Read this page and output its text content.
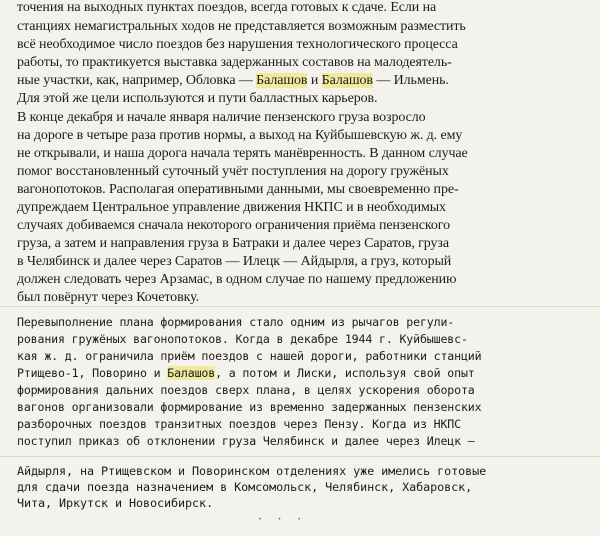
точения на выходных пунктах поездов, всегда готовых к сдаче. Если на
станциях немагистральных ходов не представляется возможным разместить
всё необходимое число поездов без нарушения технологического процесса
работы, то практикуется выставка задержанных составов на малодеятель-
ные участки, как, например, Обловка — Балашов и Балашов — Ильмень.
Для этой же цели используются и пути балластных карьеров.
В конце декабря и начале января наличие пензенского груза возросло
на дороге в четыре раза против нормы, а выход на Куйбышевскую ж. д. ему
не открывали, и наша дорога начала терять манёвренность. В данном случае
помог восстановленный суточный учёт поступления на дорогу гружёных
вагонопотоков. Располагая оперативными данными, мы своевременно пре-
дупреждаем Центральное управление движения НКПС и в необходимых
случаях добиваемся сначала некоторого ограничения приёма пензенского
груза, а затем и направления груза в Батраки и далее через Саратов, груза
в Челябинск и далее через Саратов — Илецк — Айдырля, а груз, который
должен следовать через Арзамас, в одном случае по нашему предложению
был повёрнут через Кочетовку.
Перевыполнение плана формирования стало одним из рычагов регули-
рования гружёных вагонопотоков. Когда в декабре 1944 г. Куйбышевс-
кая ж. д. ограничила приём поездов с нашей дороги, работники станций
Ртищево-1, Поворино и Балашов, а потом и Лиски, используя свой опыт
формирования дальних поездов сверх плана, в целях ускорения оборота
вагонов организовали формирование из временно задержанных пензенских
разборочных поездов транзитных поездов через Пензу. Когда из НКПС
поступил приказ об отклонении груза Челябинск и далее через Илецк —
Айдырля, на Ртищевском и Поворинском отделениях уже имелись готовые
для сдачи поезда назначением в Комсомольск, Челябинск, Хабаровск,
Чита, Иркутск и Новосибирск.
· · ·
